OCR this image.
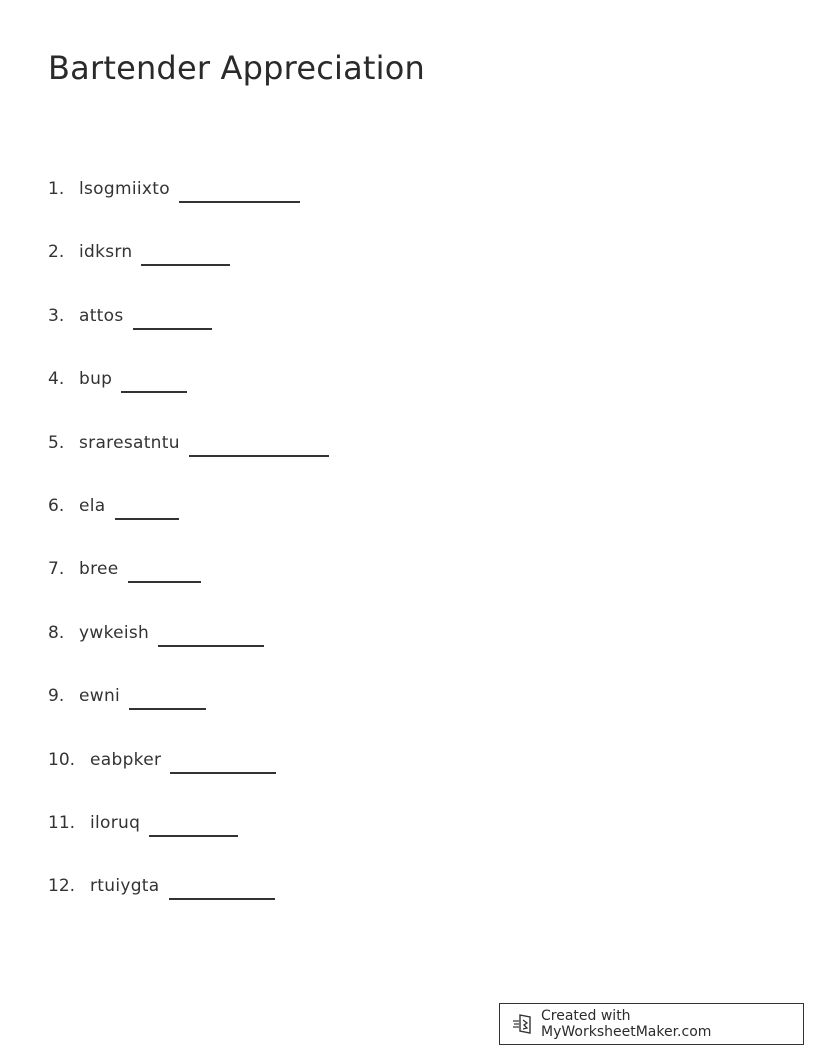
Bartender Appreciation
1. lsogmiixto
2. idksrn
3. attos
4. bup
5. sraresatntu
6. ela
7. bree
8. ywkeish
9. ewni
10. eabpker
11. iloruq
12. rtuiygta
Created with MyWorksheetMaker.com
